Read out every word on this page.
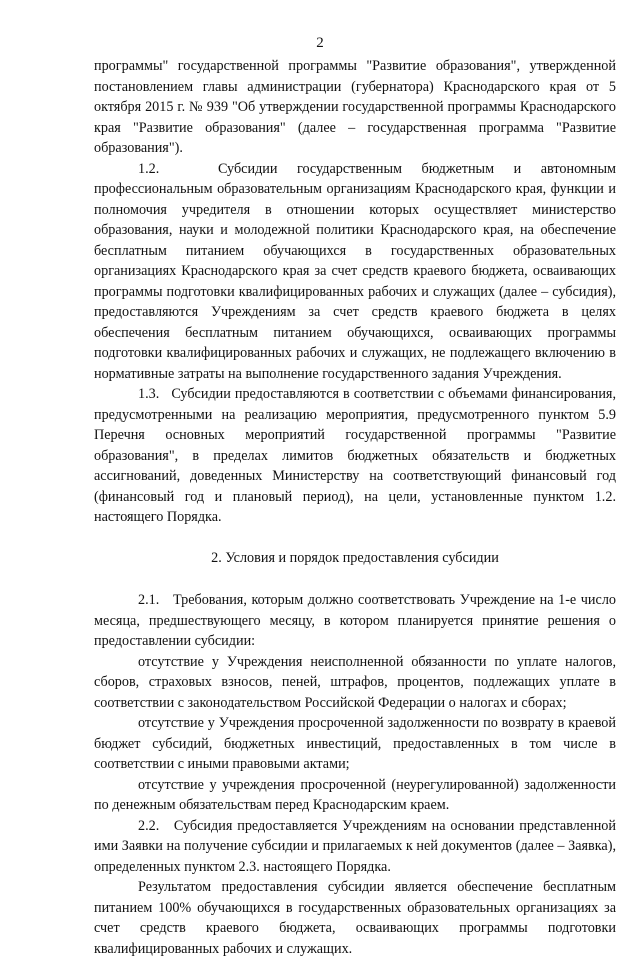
2

программы" государственной программы "Развитие образования", утвержденной постановлением главы администрации (губернатора) Краснодарского края от 5 октября 2015 г. № 939 "Об утверждении государственной программы Краснодарского края "Развитие образования" (далее – государственная программа "Развитие образования").

1.2.   Субсидии государственным бюджетным и автономным профессиональным образовательным организациям Краснодарского края, функции и полномочия учредителя в отношении которых осуществляет министерство образования, науки и молодежной политики Краснодарского края, на обеспечение бесплатным питанием обучающихся в государственных образовательных организациях Краснодарского края за счет средств краевого бюджета, осваивающих программы подготовки квалифицированных рабочих и служащих (далее – субсидия), предоставляются Учреждениям за счет средств краевого бюджета в целях обеспечения бесплатным питанием обучающихся, осваивающих программы подготовки квалифицированных рабочих и служащих, не подлежащего включению в нормативные затраты на выполнение государственного задания Учреждения.

1.3.   Субсидии предоставляются в соответствии с объемами финансирования, предусмотренными на реализацию мероприятия, предусмотренного пунктом 5.9 Перечня основных мероприятий государственной программы "Развитие образования", в пределах лимитов бюджетных обязательств и бюджетных ассигнований, доведенных Министерству на соответствующий финансовый год (финансовый год и плановый период), на цели, установленные пунктом 1.2. настоящего Порядка.

2. Условия и порядок предоставления субсидии

2.1.   Требования, которым должно соответствовать Учреждение на 1-е число месяца, предшествующего месяцу, в котором планируется принятие решения о предоставлении субсидии:

отсутствие у Учреждения неисполненной обязанности по уплате налогов, сборов, страховых взносов, пеней, штрафов, процентов, подлежащих уплате в соответствии с законодательством Российской Федерации о налогах и сборах;

отсутствие у Учреждения просроченной задолженности по возврату в краевой бюджет субсидий, бюджетных инвестиций, предоставленных в том числе в соответствии с иными правовыми актами;

отсутствие у учреждения просроченной (неурегулированной) задолженности по денежным обязательствам перед Краснодарским краем.

2.2.   Субсидия предоставляется Учреждениям на основании представленной ими Заявки на получение субсидии и прилагаемых к ней документов (далее – Заявка), определенных пунктом 2.3. настоящего Порядка.

Результатом предоставления субсидии является обеспечение бесплатным питанием 100% обучающихся в государственных образовательных организациях за счет средств краевого бюджета, осваивающих программы подготовки квалифицированных рабочих и служащих.
